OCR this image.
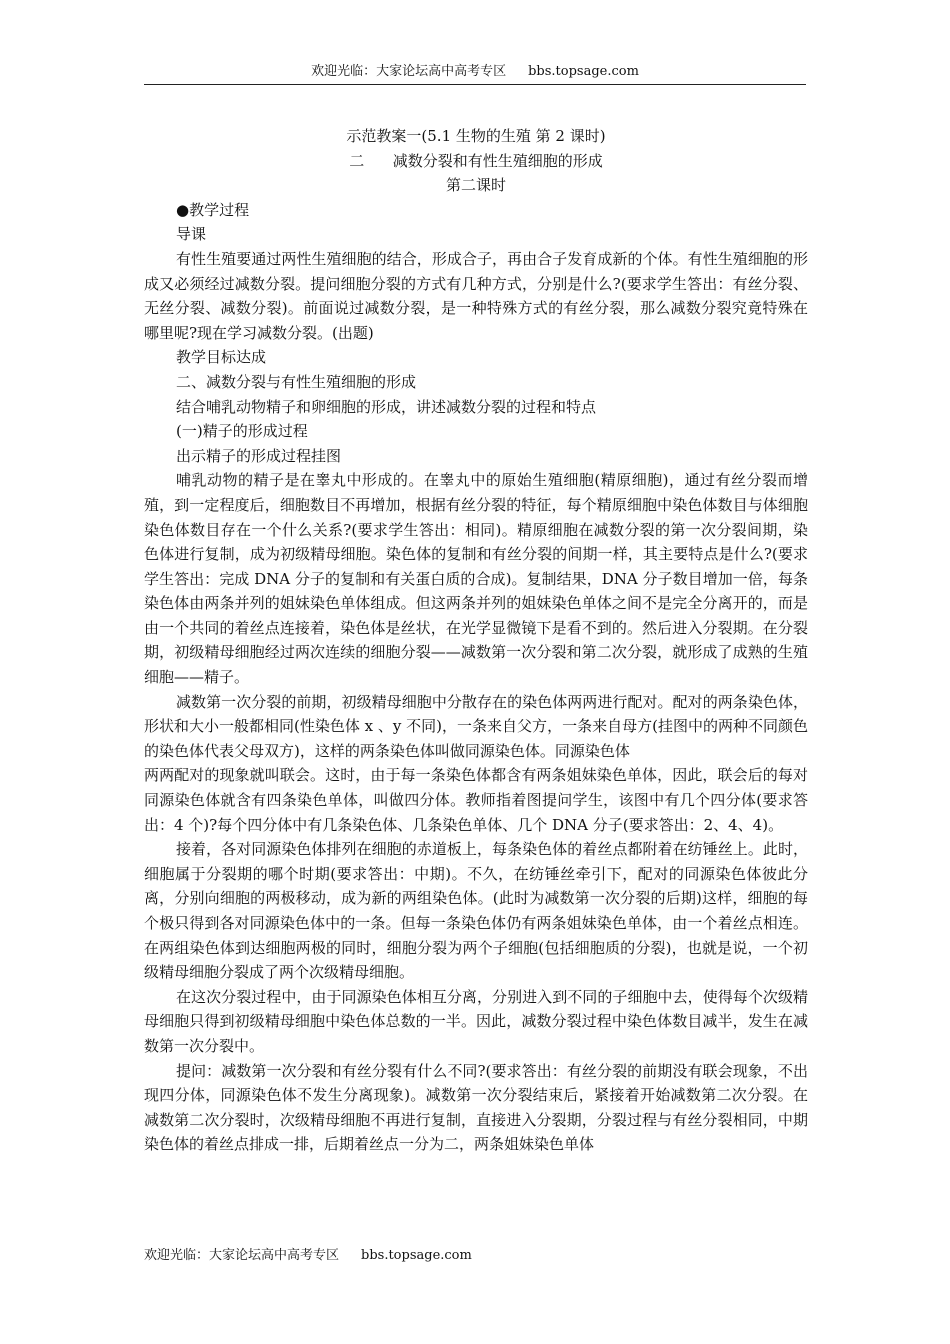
欢迎光临：大家论坛高中高考专区 bbs.topsage.com

示范教案一(5.1 生物的生殖 第 2 课时)

二      减数分裂和有性生殖细胞的形成

第二课时

●教学过程

导课

有性生殖要通过两性生殖细胞的结合，形成合子，再由合子发育成新的个体。有性生殖细胞的形成又必须经过减数分裂。提问细胞分裂的方式有几种方式，分别是什么?(要求学生答出：有丝分裂、无丝分裂、减数分裂)。前面说过减数分裂，是一种特殊方式的有丝分裂，那么减数分裂究竟特殊在哪里呢?现在学习减数分裂。(出题)

教学目标达成

二、减数分裂与有性生殖细胞的形成

结合哺乳动物精子和卵细胞的形成，讲述减数分裂的过程和特点

(一)精子的形成过程

出示精子的形成过程挂图

哺乳动物的精子是在睾丸中形成的。在睾丸中的原始生殖细胞(精原细胞)，通过有丝分裂而增殖，到一定程度后，细胞数目不再增加，根据有丝分裂的特征，每个精原细胞中染色体数目与体细胞染色体数目存在一个什么关系?(要求学生答出：相同)。精原细胞在减数分裂的第一次分裂间期，染色体进行复制，成为初级精母细胞。染色体的复制和有丝分裂的间期一样，其主要特点是什么?(要求学生答出：完成 DNA 分子的复制和有关蛋白质的合成)。复制结果，DNA 分子数目增加一倍，每条染色体由两条并列的姐妹染色单体组成。但这两条并列的姐妹染色单体之间不是完全分离开的，而是由一个共同的着丝点连接着，染色体是丝状，在光学显微镜下是看不到的。然后进入分裂期。在分裂期，初级精母细胞经过两次连续的细胞分裂——减数第一次分裂和第二次分裂，就形成了成熟的生殖细胞——精子。

减数第一次分裂的前期，初级精母细胞中分散存在的染色体两两进行配对。配对的两条染色体，形状和大小一般都相同(性染色体 x 、y 不同)，一条来自父方，一条来自母方(挂图中的两种不同颜色的染色体代表父母双方)，这样的两条染色体叫做同源染色体。同源染色体

两两配对的现象就叫联会。这时，由于每一条染色体都含有两条姐妹染色单体，因此，联会后的每对同源染色体就含有四条染色单体，叫做四分体。教师指着图提问学生，该图中有几个四分体(要求答出：4 个)?每个四分体中有几条染色体、几条染色单体、几个 DNA 分子(要求答出：2、4、4)。

接着，各对同源染色体排列在细胞的赤道板上，每条染色体的着丝点都附着在纺锤丝上。此时，细胞属于分裂期的哪个时期(要求答出：中期)。不久，在纺锤丝牵引下，配对的同源染色体彼此分离，分别向细胞的两极移动，成为新的两组染色体。(此时为减数第一次分裂的后期)这样，细胞的每个极只得到各对同源染色体中的一条。但每一条染色体仍有两条姐妹染色单体，由一个着丝点相连。在两组染色体到达细胞两极的同时，细胞分裂为两个子细胞(包括细胞质的分裂)，也就是说，一个初级精母细胞分裂成了两个次级精母细胞。

在这次分裂过程中，由于同源染色体相互分离，分别进入到不同的子细胞中去，使得每个次级精母细胞只得到初级精母细胞中染色体总数的一半。因此，减数分裂过程中染色体数目减半，发生在减数第一次分裂中。

提问：减数第一次分裂和有丝分裂有什么不同?(要求答出：有丝分裂的前期没有联会现象，不出现四分体，同源染色体不发生分离现象)。减数第一次分裂结束后，紧接着开始减数第二次分裂。在减数第二次分裂时，次级精母细胞不再进行复制，直接进入分裂期，分裂过程与有丝分裂相同，中期染色体的着丝点排成一排，后期着丝点一分为二，两条姐妹染色单体

欢迎光临：大家论坛高中高考专区 bbs.topsage.com
